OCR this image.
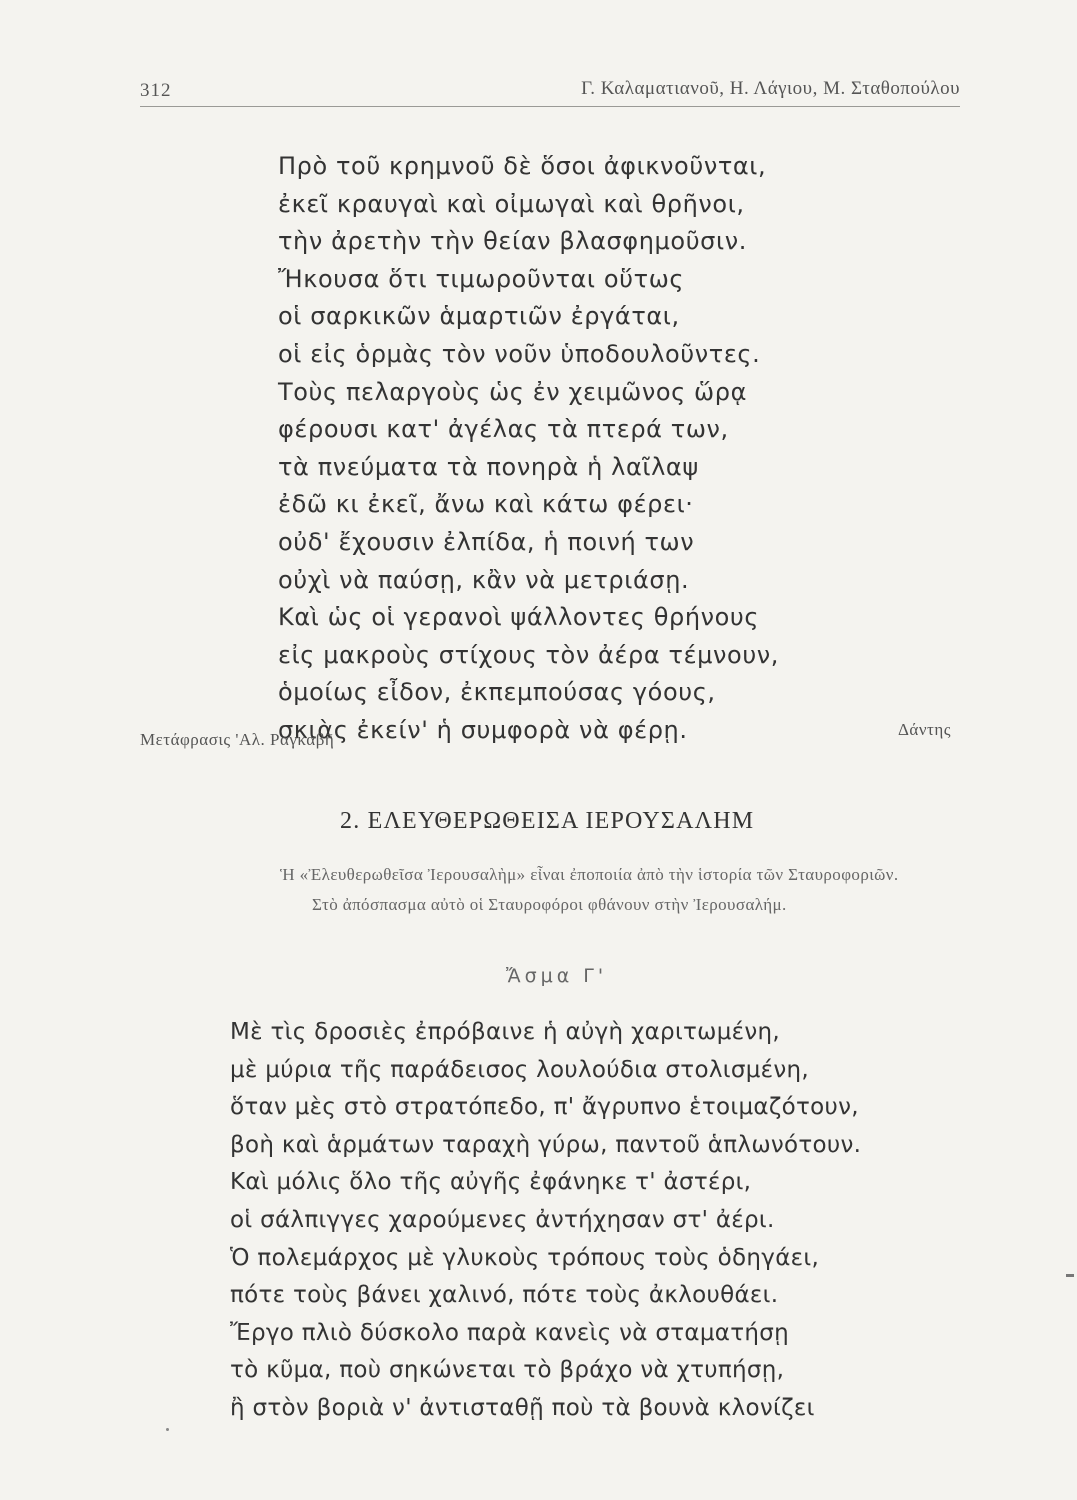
312	Γ. Καλαματιανοῦ, Η. Λάγιου, Μ. Σταθοπούλου
Πρὸ τοῦ κρημνοῦ δὲ ὅσοι ἀφικνοῦνται,
ἐκεῖ κραυγαὶ καὶ οἰμωγαὶ καὶ θρῆνοι,
τὴν ἀρετὴν τὴν θείαν βλασφημοῦσιν.
Ἤκουσα ὅτι τιμωροῦνται οὕτως
οἱ σαρκικῶν ἁμαρτιῶν ἐργάται,
οἱ εἰς ὁρμὰς τὸν νοῦν ὑποδουλοῦντες.
Τοὺς πελαργοὺς ὡς ἐν χειμῶνος ὥρᾳ
φέρουσι κατ' ἀγέλας τὰ πτερά των,
τὰ πνεύματα τὰ πονηρὰ ἡ λαῖλαψ
ἐδῶ κι ἐκεῖ, ἄνω καὶ κάτω φέρει·
οὐδ' ἔχουσιν ἐλπίδα, ἡ ποινή των
οὐχὶ νὰ παύσῃ, κἂν νὰ μετριάσῃ.
Καὶ ὡς οἱ γερανοὶ ψάλλοντες θρήνους
εἰς μακροὺς στίχους τὸν ἀέρα τέμνουν,
ὁμοίως εἶδον, ἐκπεμπούσας γόους,
σκιὰς ἐκείν' ἡ συμφορὰ νὰ φέρῃ.
Μετάφρασις 'Αλ. Ραγκαβῆ
Δάντης
2. ΕΛΕΥΘΕΡΩΘΕΙΣΑ ΙΕΡΟΥΣΑΛΗΜ

Ἡ «Ἐλευθερωθεῖσα Ἰερουσαλὴμ» εἶναι ἐποποιία ἀπὸ τὴν ἱστορία τῶν Σταυροφοριῶν.

Στὸ ἀπόσπασμα αὐτὸ οἱ Σταυροφόροι φθάνουν στὴν Ἰερουσαλήμ.

Ἄσμα Γ'
Μὲ τὶς δροσιὲς ἐπρόβαινε ἡ αὐγὴ χαριτωμένη,
μὲ μύρια τῆς παράδεισος λουλούδια στολισμένη,
ὅταν μὲς στὸ στρατόπεδο, π' ἄγρυπνο ἑτοιμαζότουν,
βοὴ καὶ ἁρμάτων ταραχὴ γύρω, παντοῦ ἁπλωνότουν.
Καὶ μόλις ὅλο τῆς αὐγῆς ἐφάνηκε τ' ἀστέρι,
οἱ σάλπιγγες χαρούμενες ἀντήχησαν στ' ἀέρι.
Ὁ πολεμάρχος μὲ γλυκοὺς τρόπους τοὺς ὁδηγάει,
πότε τοὺς βάνει χαλινό, πότε τοὺς ἀκλουθάει.
Ἔργο πλιὸ δύσκολο παρὰ κανεὶς νὰ σταματήσῃ
τὸ κῦμα, ποὺ σηκώνεται τὸ βράχο νὰ χτυπήσῃ,
ἢ στὸν βοριὰ ν' ἀντισταθῇ ποὺ τὰ βουνὰ κλονίζει
